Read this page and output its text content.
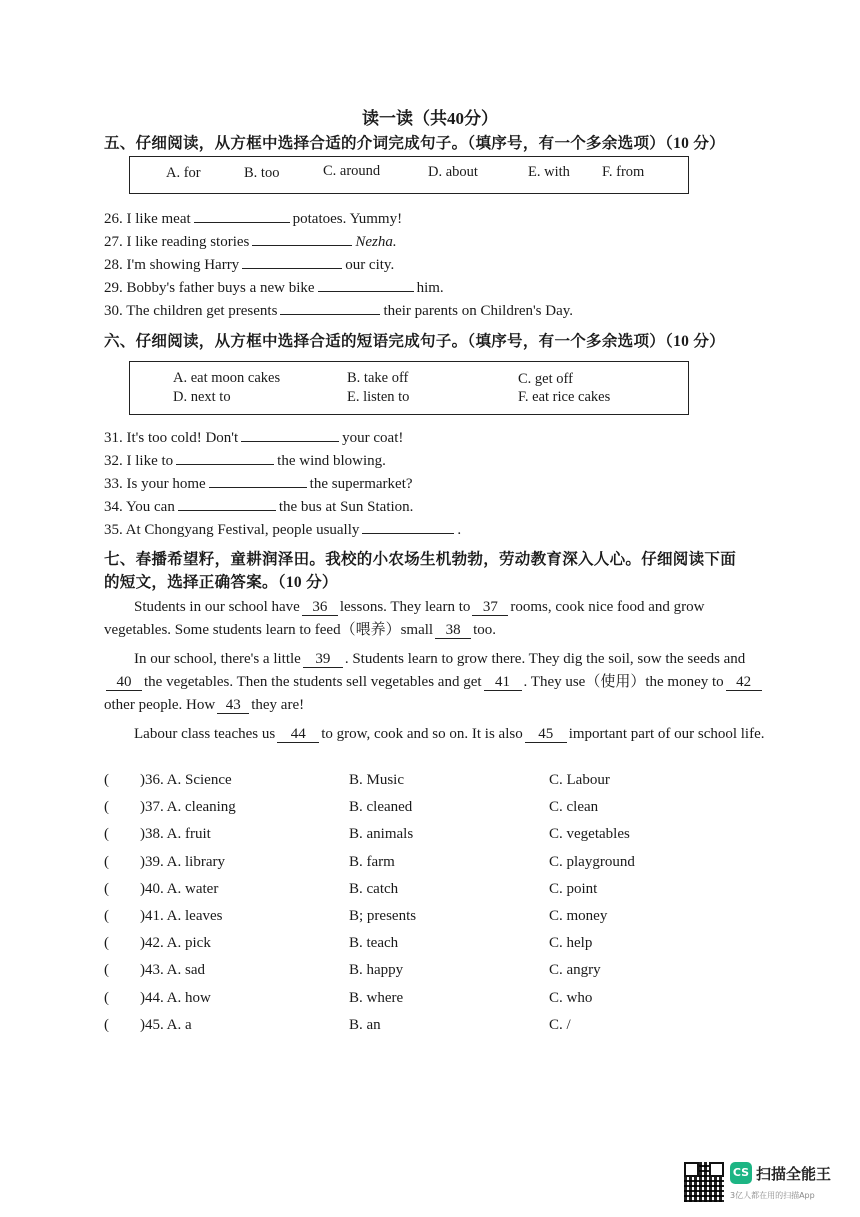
读一读（共40分）
五、仔细阅读，从方框中选择合适的介词完成句子。（填序号，有一个多余选项）（10 分）
A. for	B. too	C. around	D. about	E. with F. from
26. I like meat	potatoes. Yummy!
27. I like reading stories	Nezha.
28. I'm showing Harry	our city.
29. Bobby's father buys a new bike	him.
30. The children get presents	their parents on Children's Day.
六、仔细阅读，从方框中选择合适的短语完成句子。（填序号，有一个多余选项）（10 分）
A. eat moon cakes	B. take off	C. get off
D. next to	E. listen to	F. eat rice cakes
31. It's too cold! Don't	your coat!
32. I like to	the wind blowing.
33. Is your home	the supermarket?
34. You can	the bus at Sun Station.
35. At Chongyang Festival, people usually	.
七、春播希望籽，童耕润泽田。我校的小农场生机勃勃，劳动教育深入人心。仔细阅读下面
的短文，选择正确答案。（10 分）
Students in our school have 36 lessons. They learn to 37 rooms, cook nice food and grow vegetables. Some students learn to feed（喂养）small 38 too.
In our school, there's a little 39 . Students learn to grow there. They dig the soil, sow the seeds and40 the vegetables. Then the students sell vegetables and get 41 . They use（使用）the money to 42other people. How 43 they are!
Labour class teaches us 44 to grow, cook and so on. It is also 45 important part of our school life.
( )36. A. Science	B. Music	C. Labour
( )37. A. cleaning	B. cleaned	C. clean
( )38. A. fruit	B. animals	C. vegetables
( )39. A. library	B. farm	C. playground
( )40. A. water	B. catch	C. point
( )41. A. leaves	B; presents	C. money
( )42. A. pick	B. teach	C. help
( )43. A. sad	B. happy	C. angry
( )44. A. how	B. where	C. who
( )45. A. a	B. an	C. /
CS 扫描全能王
3亿人都在用的扫描App
